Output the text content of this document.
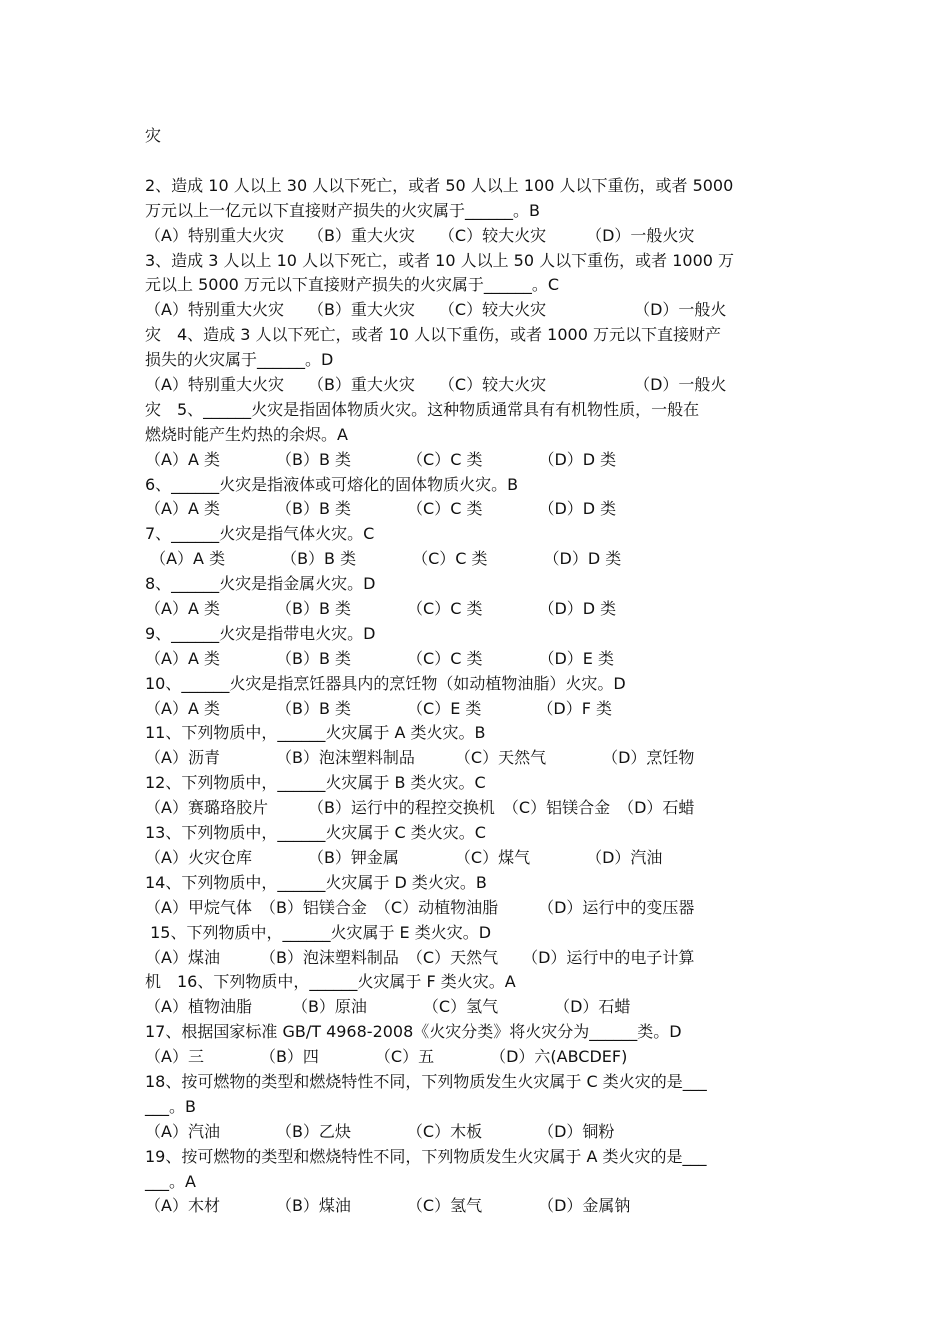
灾
2、造成 10 人以上 30 人以下死亡，或者 50 人以上 100 人以下重伤，或者 5000
万元以上一亿元以下直接财产损失的火灾属于______。B
（A）特别重大火灾　　（B）重大火灾　　（C）较大火灾　　　（D）一般火灾
3、造成 3 人以上 10 人以下死亡，或者 10 人以上 50 人以下重伤，或者 1000 万
元以上 5000 万元以下直接财产损失的火灾属于______。C
（A）特别重大火灾　　（B）重大火灾　　（C）较大火灾　　　　　　（D）一般火
灾　4、造成 3 人以下死亡，或者 10 人以下重伤，或者 1000 万元以下直接财产
损失的火灾属于______。D
（A）特别重大火灾　　（B）重大火灾　　（C）较大火灾　　　　　　（D）一般火
灾　5、______火灾是指固体物质火灾。这种物质通常具有有机物性质，一般在
燃烧时能产生灼热的余烬。A
（A）A 类　　　　（B）B 类　　　　（C）C 类　　　　（D）D 类
6、______火灾是指液体或可熔化的固体物质火灾。B
（A）A 类　　　　（B）B 类　　　　（C）C 类　　　　（D）D 类
7、______火灾是指气体火灾。C
（A）A 类　　　　（B）B 类　　　　（C）C 类　　　　（D）D 类
8、______火灾是指金属火灾。D
（A）A 类　　　　（B）B 类　　　　（C）C 类　　　　（D）D 类
9、______火灾是指带电火灾。D
（A）A 类　　　　（B）B 类　　　　（C）C 类　　　　（D）E 类
10、______火灾是指烹饪器具内的烹饪物（如动植物油脂）火灾。D
（A）A 类　　　　（B）B 类　　　　（C）E 类　　　　（D）F 类
11、下列物质中，______火灾属于 A 类火灾。B
（A）沥青　　　　（B）泡沫塑料制品　　　（C）天然气　　　　（D）烹饪物
12、下列物质中，______火灾属于 B 类火灾。C
（A）赛璐珞胶片　　　（B）运行中的程控交换机　（C）铝镁合金　（D）石蜡
13、下列物质中，______火灾属于 C 类火灾。C
（A）火灾仓库　　　　（B）钾金属　　　　（C）煤气　　　　（D）汽油
14、下列物质中，______火灾属于 D 类火灾。B
（A）甲烷气体　（B）铝镁合金　（C）动植物油脂　　　（D）运行中的变压器
15、下列物质中，______火灾属于 E 类火灾。D
（A）煤油　　　（B）泡沫塑料制品　（C）天然气　　（D）运行中的电子计算
机　16、下列物质中，______火灾属于 F 类火灾。A
（A）植物油脂　　　（B）原油　　　　（C）氢气　　　　（D）石蜡
17、根据国家标准 GB/T 4968-2008《火灾分类》将火灾分为______类。D
（A）三　　　　（B）四　　　　（C）五　　　　（D）六(ABCDEF)
18、按可燃物的类型和燃烧特性不同，下列物质发生火灾属于 C 类火灾的是___
___。B
（A）汽油　　　　（B）乙炔　　　　（C）木板　　　　（D）铜粉
19、按可燃物的类型和燃烧特性不同，下列物质发生火灾属于 A 类火灾的是___
___。A
（A）木材　　　　（B）煤油　　　　（C）氢气　　　　（D）金属钠
